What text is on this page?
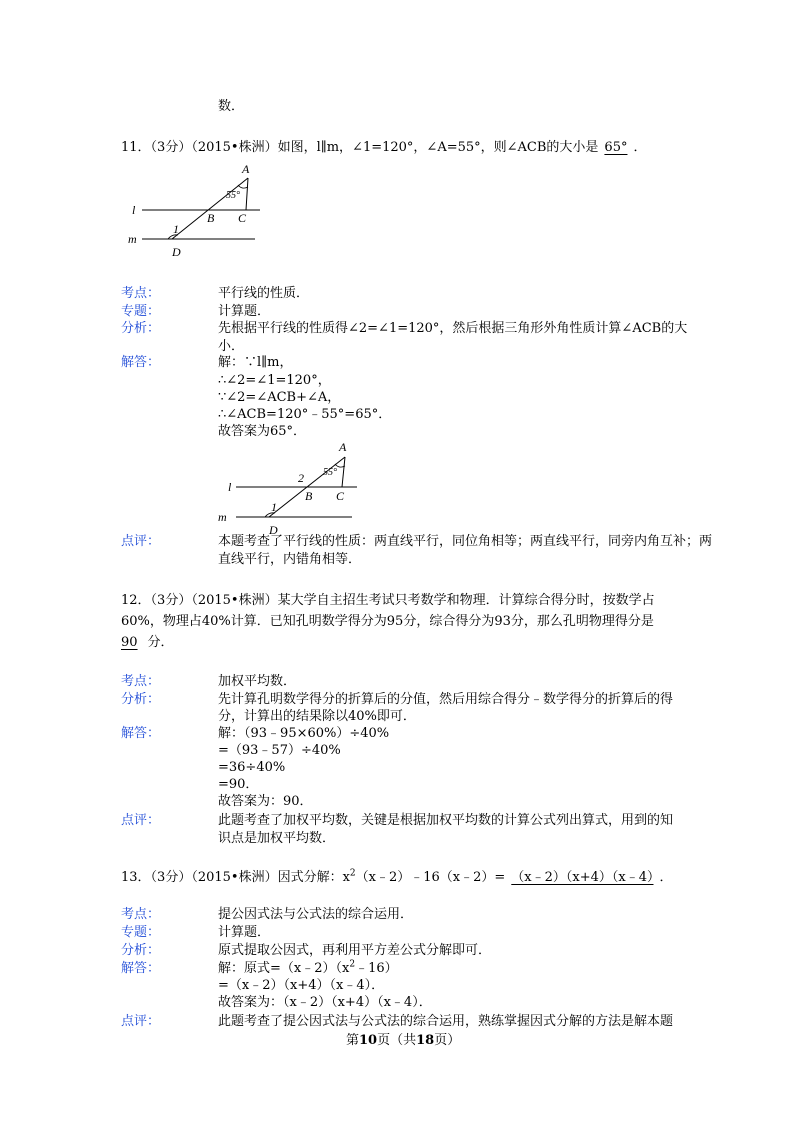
数．
11．（3分）（2015•株洲）如图，l∥m，∠1=120°，∠A=55°，则∠ACB的大小是 65° ．
A
B C
D
l
m
1
55°
考点：	平行线的性质．
专题：	计算题．
分析：	先根据平行线的性质得∠2=∠1=120°，然后根据三角形外角性质计算∠ACB的大
小．
解答：	解：∵l∥m，
∴∠2=∠1=120°，
∵∠2=∠ACB+∠A，
∴∠ACB=120°﹣55°=65°．
故答案为65°．
A
B C
D
l
m
1
2 55°
点评：	本题考查了平行线的性质：两直线平行，同位角相等；两直线平行，同旁内角互补；两
直线平行，内错角相等．
12．（3分）（2015•株洲）某大学自主招生考试只考数学和物理．计算综合得分时，按数学占
60%，物理占40%计算．已知孔明数学得分为95分，综合得分为93分，那么孔明物理得分是
90 分．
考点：	加权平均数．
分析：	先计算孔明数学得分的折算后的分值，然后用综合得分﹣数学得分的折算后的得
分，计算出的结果除以40%即可．
解答：	解：（93﹣95×60%）÷40%
=（93﹣57）÷40%
=36÷40%
=90．
故答案为：90．
点评：	此题考查了加权平均数，关键是根据加权平均数的计算公式列出算式，用到的知
识点是加权平均数．
13．（3分）（2015•株洲）因式分解：$x^2(x﹣2)﹣16(x﹣2)=$ （x﹣2）（x+4）（x﹣4） ．
考点：	提公因式法与公式法的综合运用．
专题：	计算题．
分析：	原式提取公因式，再利用平方差公式分解即可．
解答：	解：原式$=(x﹣2)(x^2﹣16)$
=（x﹣2）（x+4）（x﹣4）．
故答案为：（x﹣2）（x+4）（x﹣4）．
点评：	此题考查了提公因式法与公式法的综合运用，熟练掌握因式分解的方法是解本题
第10页（共18页）
